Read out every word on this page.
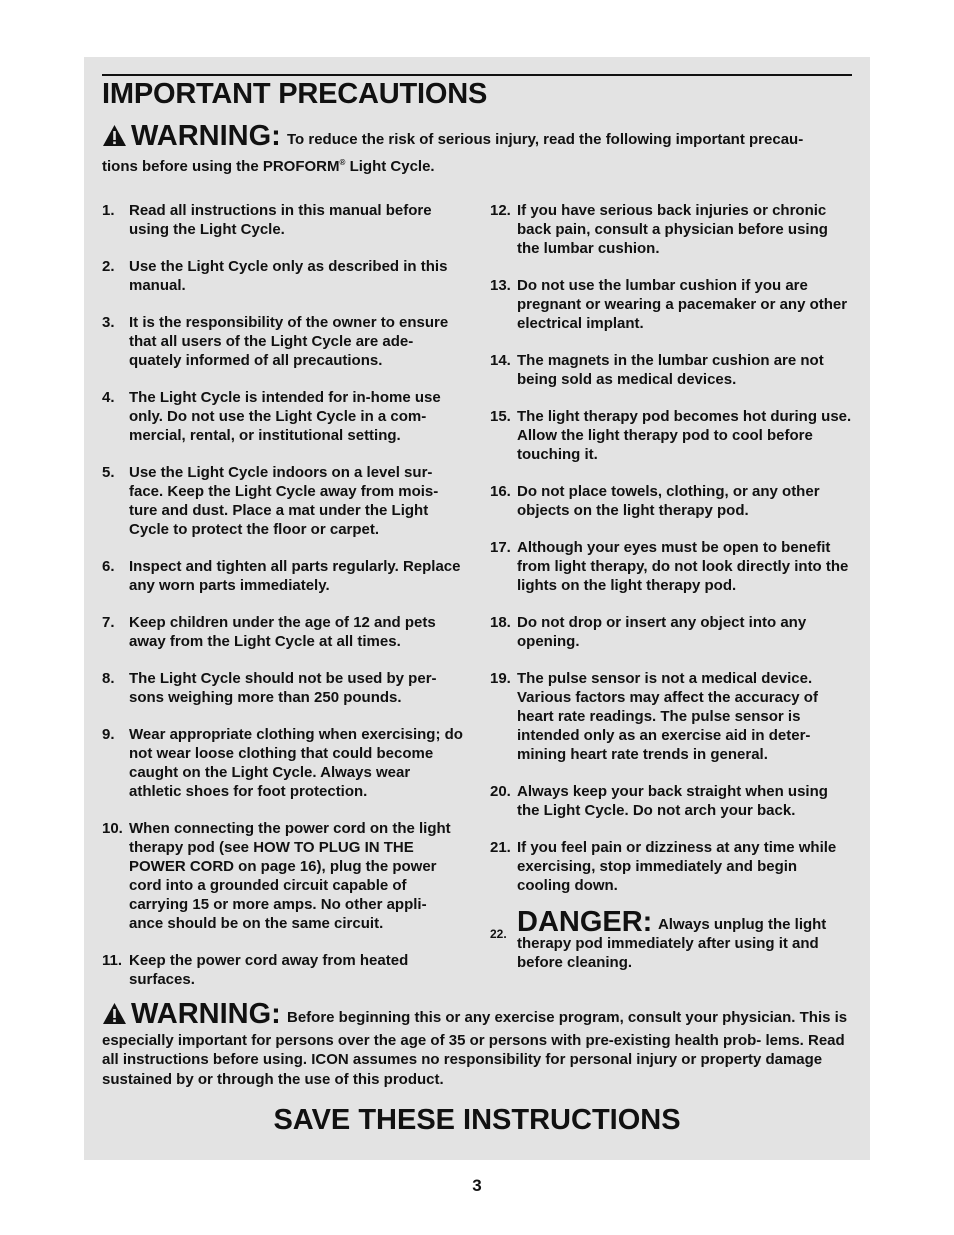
IMPORTANT PRECAUTIONS
WARNING: To reduce the risk of serious injury, read the following important precau-
tions before using the PROFORM® Light Cycle.
1. Read all instructions in this manual before using the Light Cycle.
2. Use the Light Cycle only as described in this manual.
3. It is the responsibility of the owner to ensure that all users of the Light Cycle are ade- quately informed of all precautions.
4. The Light Cycle is intended for in-home use only. Do not use the Light Cycle in a com- mercial, rental, or institutional setting.
5. Use the Light Cycle indoors on a level sur- face. Keep the Light Cycle away from mois- ture and dust. Place a mat under the Light Cycle to protect the floor or carpet.
6. Inspect and tighten all parts regularly. Replace any worn parts immediately.
7. Keep children under the age of 12 and pets away from the Light Cycle at all times.
8. The Light Cycle should not be used by per- sons weighing more than 250 pounds.
9. Wear appropriate clothing when exercising; do not wear loose clothing that could become caught on the Light Cycle. Always wear athletic shoes for foot protection.
10. When connecting the power cord on the light therapy pod (see HOW TO PLUG IN THE POWER CORD on page 16), plug the power cord into a grounded circuit capable of carrying 15 or more amps. No other appli- ance should be on the same circuit.
11. Keep the power cord away from heated surfaces.
12. If you have serious back injuries or chronic back pain, consult a physician before using the lumbar cushion.
13. Do not use the lumbar cushion if you are pregnant or wearing a pacemaker or any other electrical implant.
14. The magnets in the lumbar cushion are not being sold as medical devices.
15. The light therapy pod becomes hot during use. Allow the light therapy pod to cool before touching it.
16. Do not place towels, clothing, or any other objects on the light therapy pod.
17. Although your eyes must be open to benefit from light therapy, do not look directly into the lights on the light therapy pod.
18. Do not drop or insert any object into any opening.
19. The pulse sensor is not a medical device. Various factors may affect the accuracy of heart rate readings. The pulse sensor is intended only as an exercise aid in deter- mining heart rate trends in general.
20. Always keep your back straight when using the Light Cycle. Do not arch your back.
21. If you feel pain or dizziness at any time while exercising, stop immediately and begin cooling down.
22. DANGER: Always unplug the light therapy pod immediately after using it and before cleaning.
WARNING: Before beginning this or any exercise program, consult your physician. This is especially important for persons over the age of 35 or persons with pre-existing health prob- lems. Read all instructions before using. ICON assumes no responsibility for personal injury or property damage sustained by or through the use of this product.
SAVE THESE INSTRUCTIONS
3
